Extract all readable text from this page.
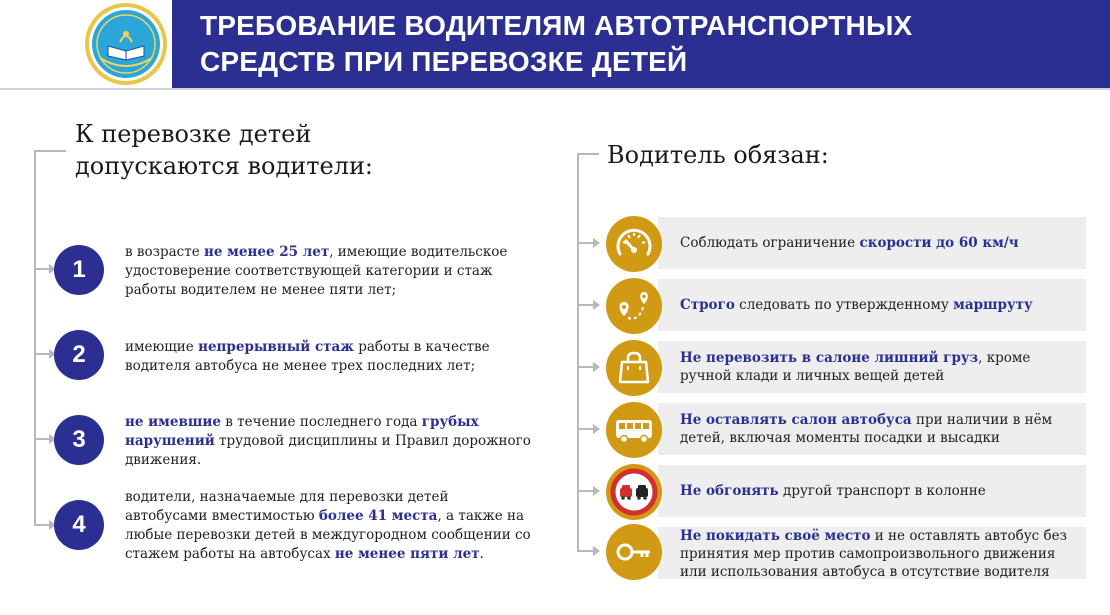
ТРЕБОВАНИЕ ВОДИТЕЛЯМ АВТОТРАНСПОРТНЫХ
СРЕДСТВ ПРИ ПЕРЕВОЗКЕ ДЕТЕЙ
К перевозке детей
допускаются водители:
1
в возрасте не менее 25 лет, имеющие водительское удостоверение соответствующей категории и стаж работы водителем не менее пяти лет;
2	имеющие непрерывный стаж работы в качестве водителя автобуса не менее трех последних лет;
3
не имевшие в течение последнего года грубых нарушений трудовой дисциплины и Правил дорожного движения.
4
водители, назначаемые для перевозки детей автобусами вместимостью более 41 места, а также на любые перевозки детей в междугородном сообщении со стажем работы на автобусах не менее пяти лет.
Водитель обязан:
Соблюдать ограничение скорости до 60 км/ч
Строго следовать по утвержденному маршруту
Не перевозить в салоне лишний груз, кроме ручной клади и личных вещей детей
Не оставлять салон автобуса при наличии в нём детей, включая моменты посадки и высадки
Не обгонять другой транспорт в колонне
Не покидать своё место и не оставлять автобус без принятия мер против самопроизвольного движения или использования автобуса в отсутствие водителя
